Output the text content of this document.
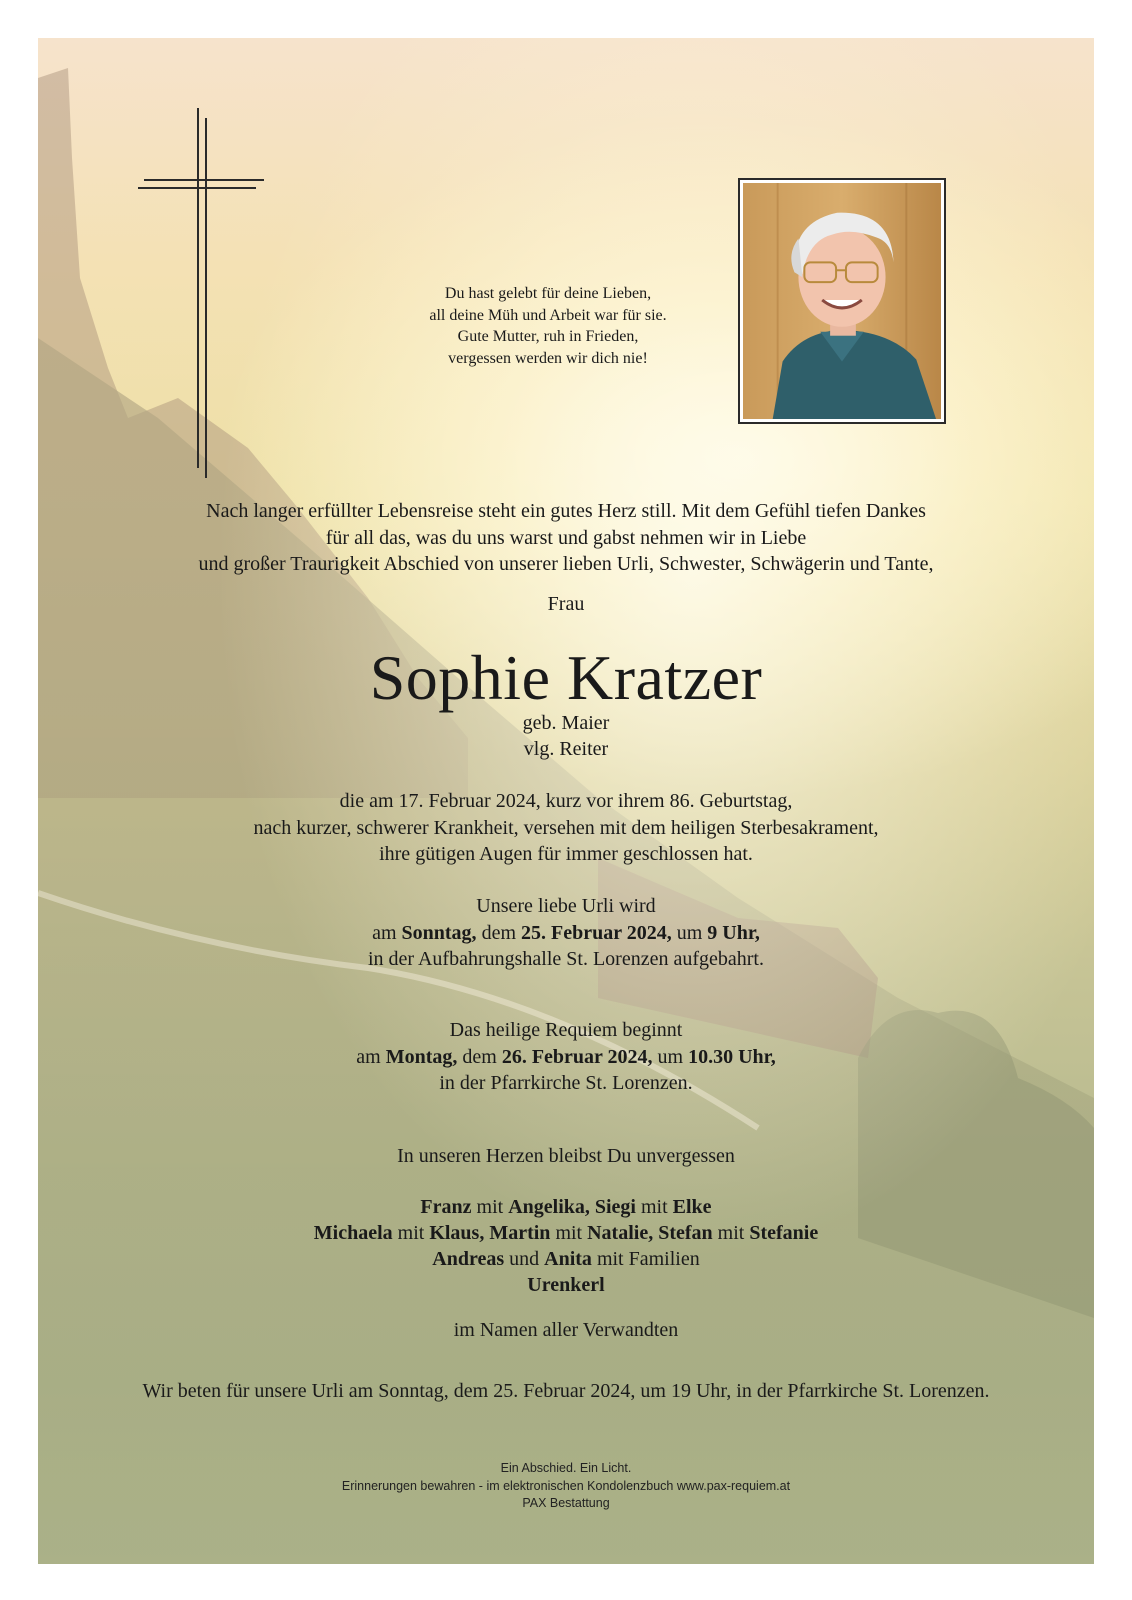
Du hast gelebt für deine Lieben,
all deine Müh und Arbeit war für sie.
Gute Mutter, ruh in Frieden,
vergessen werden wir dich nie!
Nach langer erfüllter Lebensreise steht ein gutes Herz still. Mit dem Gefühl tiefen Dankes
für all das, was du uns warst und gabst nehmen wir in Liebe
und großer Traurigkeit Abschied von unserer lieben Urli, Schwester, Schwägerin und Tante,
Frau
Sophie Kratzer
geb. Maier
vlg. Reiter
die am 17. Februar 2024, kurz vor ihrem 86. Geburtstag,
nach kurzer, schwerer Krankheit, versehen mit dem heiligen Sterbesakrament,
ihre gütigen Augen für immer geschlossen hat.
Unsere liebe Urli wird
am Sonntag, dem 25. Februar 2024, um 9 Uhr,
in der Aufbahrungshalle St. Lorenzen aufgebahrt.
Das heilige Requiem beginnt
am Montag, dem 26. Februar 2024, um 10.30 Uhr,
in der Pfarrkirche St. Lorenzen.
In unseren Herzen bleibst Du unvergessen
Franz mit Angelika, Siegi mit Elke
Michaela mit Klaus, Martin mit Natalie, Stefan mit Stefanie
Andreas und Anita mit Familien
Urenkerl
im Namen aller Verwandten
Wir beten für unsere Urli am Sonntag, dem 25. Februar 2024, um 19 Uhr, in der Pfarrkirche St. Lorenzen.
Ein Abschied. Ein Licht.
Erinnerungen bewahren - im elektronischen Kondolenzbuch www.pax-requiem.at
PAX Bestattung
